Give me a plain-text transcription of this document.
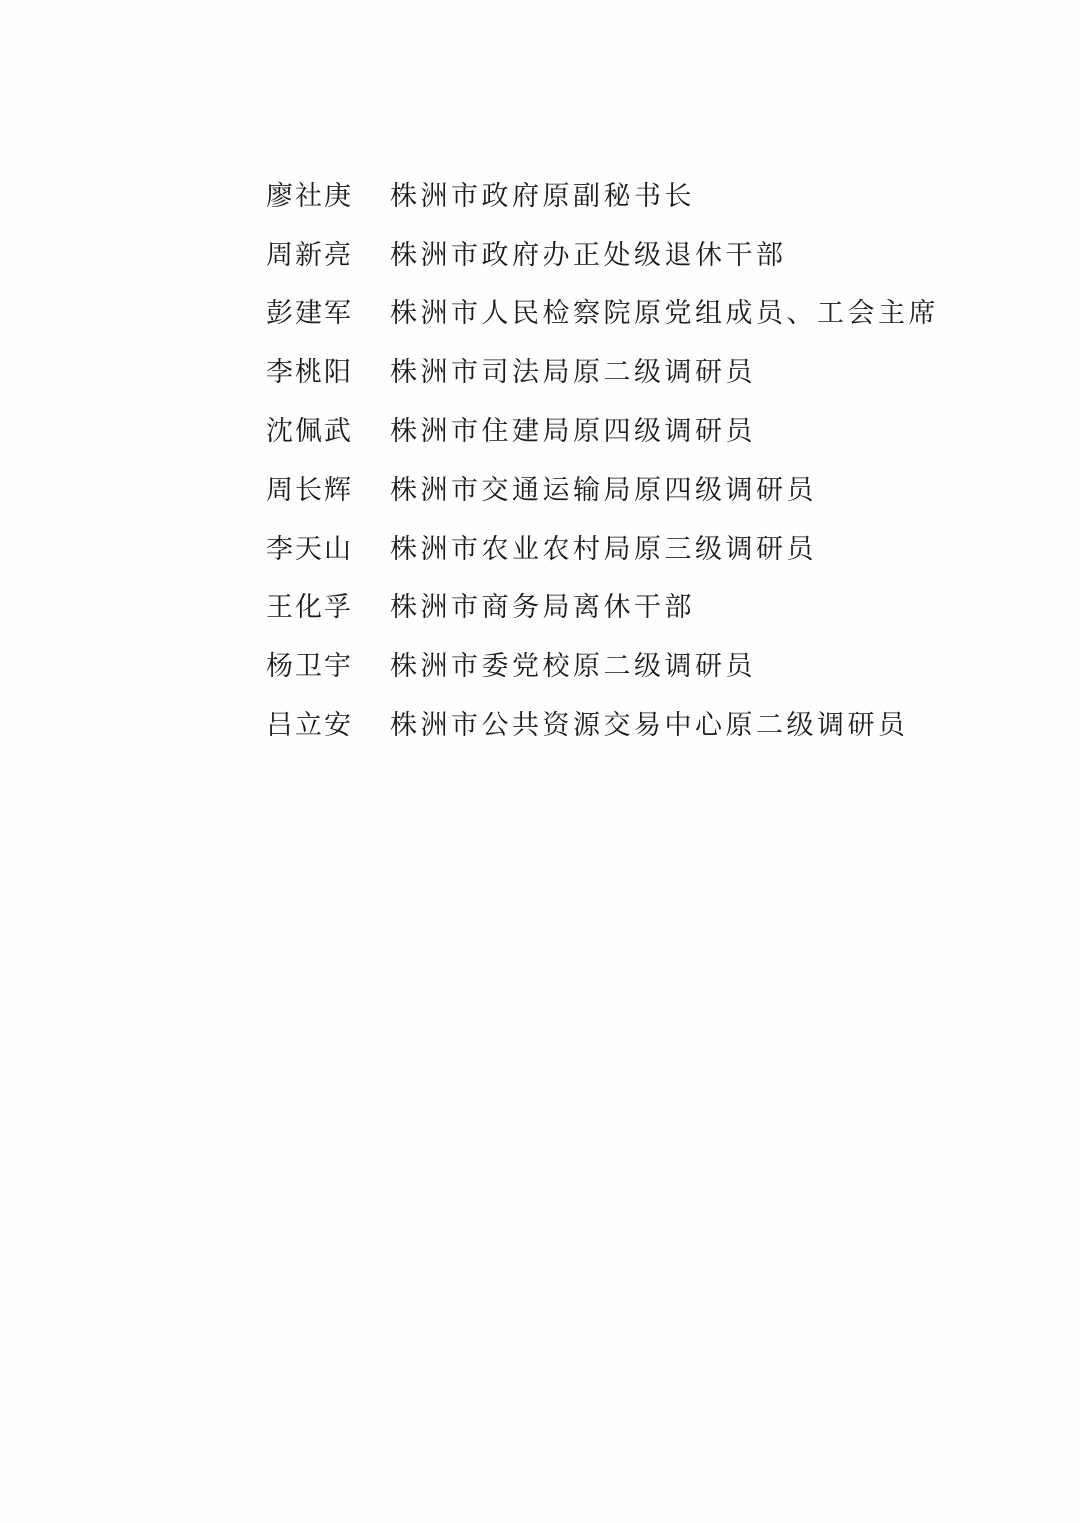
廖社庚	株洲市政府原副秘书长
周新亮	株洲市政府办正处级退休干部
彭建军	株洲市人民检察院原党组成员、工会主席
李桃阳	株洲市司法局原二级调研员
沈佩武	株洲市住建局原四级调研员
周长辉	株洲市交通运输局原四级调研员
李天山	株洲市农业农村局原三级调研员
王化孚	株洲市商务局离休干部
杨卫宇	株洲市委党校原二级调研员
吕立安	株洲市公共资源交易中心原二级调研员
